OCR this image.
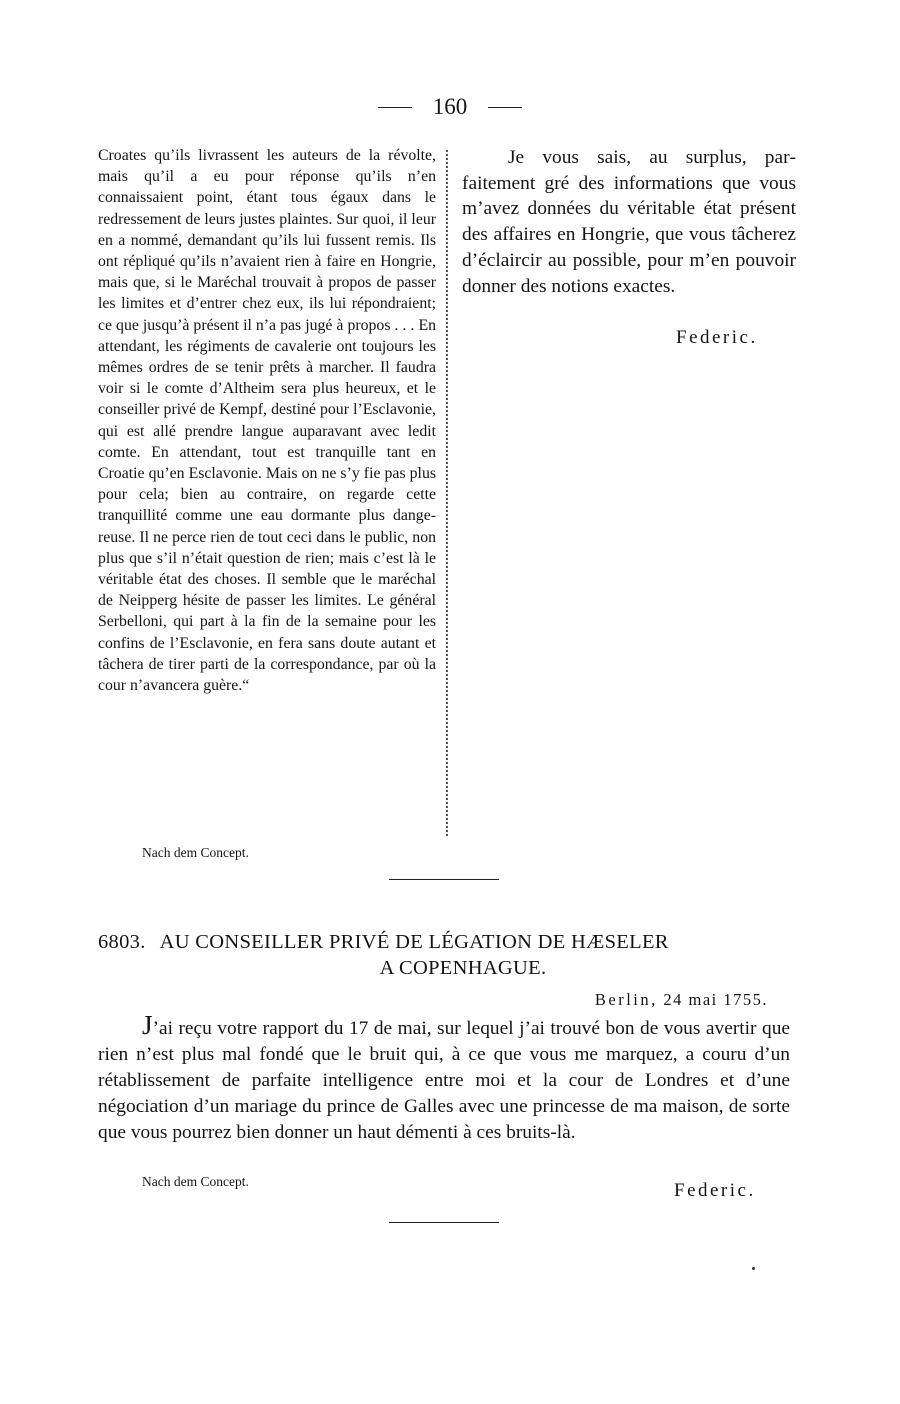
160

Croates qu’ils livrassent les auteurs de la révolte, mais qu’il a eu pour réponse qu’ils n’en connaissaient point, étant tous égaux dans le redressement de leurs justes plaintes. Sur quoi, il leur en a nommé, demandant qu’ils lui fussent remis. Ils ont répliqué qu’ils n’avaient rien à faire en Hongrie, mais que, si le Maréchal trouvait à propos de passer les limites et d’entrer chez eux, ils lui répondraient; ce que jusqu’à présent il n’a pas jugé à propos . . . En attendant, les régiments de cavalerie ont toujours les mêmes ordres de se tenir prêts à marcher. Il faudra voir si le comte d’Altheim sera plus heureux, et le conseiller privé de Kempf, destiné pour l’Esclavonie, qui est allé prendre langue auparavant avec ledit comte. En attendant, tout est tranquille tant en Croatie qu’en Esclavonie. Mais on ne s’y fie pas plus pour cela; bien au contraire, on regarde cette tranquillité comme une eau dormante plus dangereuse. Il ne perce rien de tout ceci dans le public, non plus que s’il n’était question de rien; mais c’est là le véritable état des choses. Il semble que le maréchal de Neipperg hésite de passer les limites. Le général Serbelloni, qui part à la fin de la semaine pour les confins de l’Esclavonie, en fera sans doute autant et tâchera de tirer parti de la correspondance, par où la cour n’avancera guère.“

Nach dem Concept.

Je vous sais, au surplus, parfaitement gré des informations que vous m’avez données du véritable état présent des affaires en Hongrie, que vous tâcherez d’éclaircir au possible, pour m’en pouvoir donner des notions exactes.

Federic.
6803. AU CONSEILLER PRIVÉ DE LÉGATION DE HÆSELER
A COPENHAGUE.
Berlin, 24 mai 1755.

J’ai reçu votre rapport du 17 de mai, sur lequel j’ai trouvé bon de vous avertir que rien n’est plus mal fondé que le bruit qui, à ce que vous me marquez, a couru d’un rétablissement de parfaite intelligence entre moi et la cour de Londres et d’une négociation d’un mariage du prince de Galles avec une princesse de ma maison, de sorte que vous pourrez bien donner un haut démenti à ces bruits-là.

Nach dem Concept.	Federic.
